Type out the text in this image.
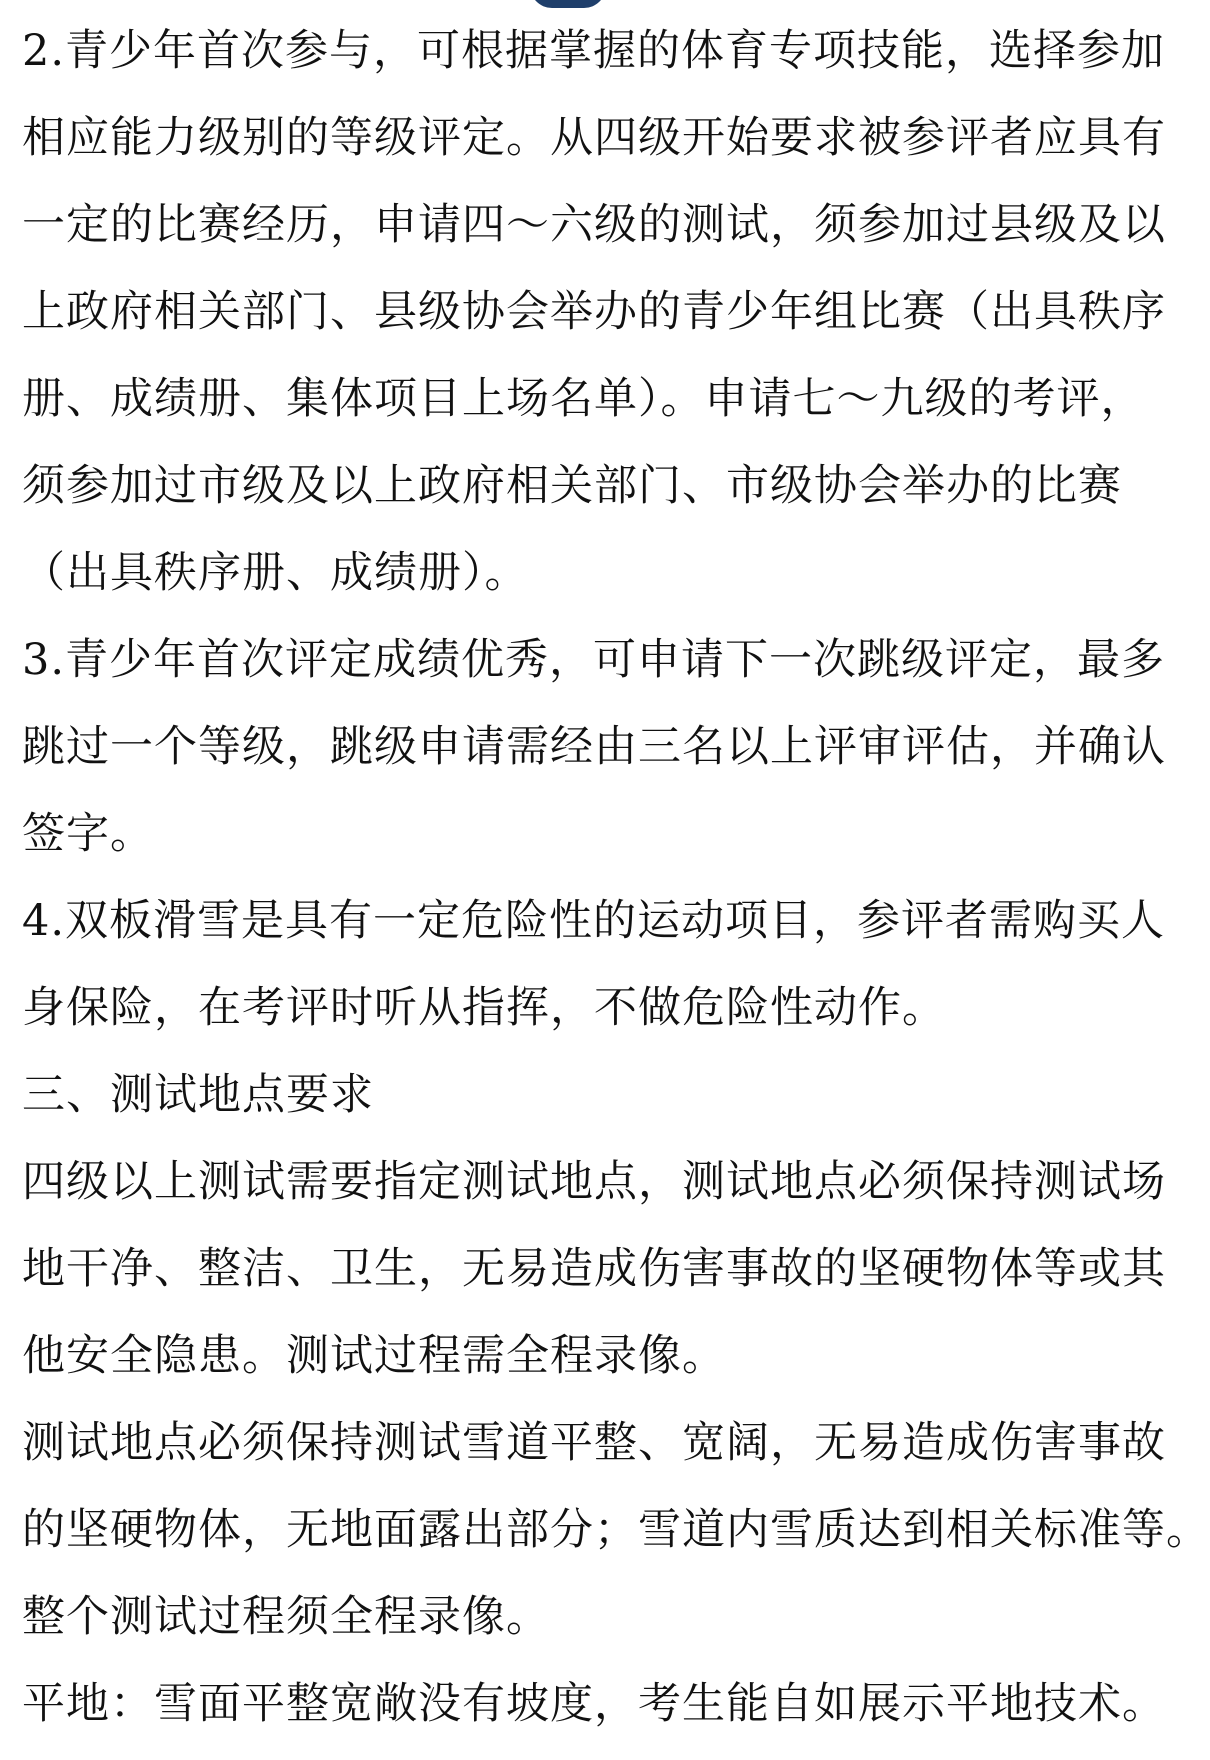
2.青少年首次参与，可根据掌握的体育专项技能，选择参加
相应能力级别的等级评定。从四级开始要求被参评者应具有
一定的比赛经历，申请四～六级的测试，须参加过县级及以
上政府相关部门、县级协会举办的青少年组比赛（出具秩序
册、成绩册、集体项目上场名单）。申请七～九级的考评，
须参加过市级及以上政府相关部门、市级协会举办的比赛
（出具秩序册、成绩册）。
3.青少年首次评定成绩优秀，可申请下一次跳级评定，最多
跳过一个等级，跳级申请需经由三名以上评审评估，并确认
签字。
4.双板滑雪是具有一定危险性的运动项目，参评者需购买人
身保险，在考评时听从指挥，不做危险性动作。
三、测试地点要求
四级以上测试需要指定测试地点，测试地点必须保持测试场
地干净、整洁、卫生，无易造成伤害事故的坚硬物体等或其
他安全隐患。测试过程需全程录像。
测试地点必须保持测试雪道平整、宽阔，无易造成伤害事故
的坚硬物体，无地面露出部分；雪道内雪质达到相关标准等。
整个测试过程须全程录像。
平地：雪面平整宽敞没有坡度，考生能自如展示平地技术。
